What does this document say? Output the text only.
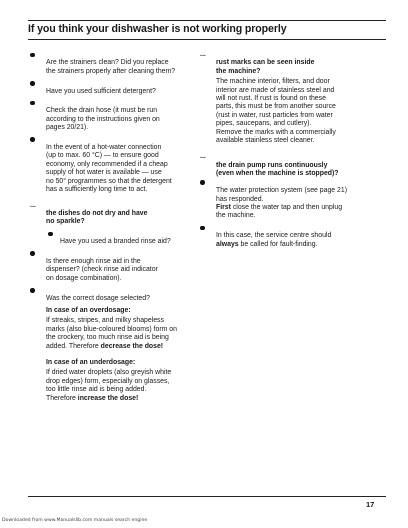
If you think your dishwasher is not working properly

Are the strainers clean? Did you replace
the strainers properly after cleaning them?

Have you used sufficient detergent?

Check the drain hose (it must be run
according to the instructions given on
pages 20/21).

In the event of a hot-water connection
(up to max. 60 °C) — to ensure good
economy, only recommended if a cheap
supply of hot water is available — use
no 50° programmes so that the detergent
has a sufficiently long time to act.

...
the dishes do not dry and have
no sparkle?

Have you used a branded rinse aid?

Is there enough rinse aid in the
dispenser? (check rinse aid indicator
on dosage combination).

Was the correct dosage selected?

In case of an overdosage:
If streaks, stripes, and milky shapeless
marks (also blue-coloured blooms) form on
the crockery, too much rinse aid is being
added. Therefore decrease the dose!
In case of an underdosage:
If dried water droplets (also greyish white
drop edges) form, especially on glasses,
too little rinse aid is being added.
Therefore increase the dose!

...
rust marks can be seen inside
the machine?

The machine interior, filters, and door
interior are made of stainless steel and
will not rust. If rust is found on these
parts, this must be from another source
(rust in water, rust particles from water
pipes, saucepans, and cutlery).
Remove the marks with a commercially
available stainless steel cleaner.

...
the drain pump runs continuously
(even when the machine is stopped)?

The water protection system (see page 21)
has responded.

First close the water tap and then unplug
the machine.

In this case, the service centre should
always be called for fault-finding.

17
Downloaded from www.Manualslib.com manuals search engine
